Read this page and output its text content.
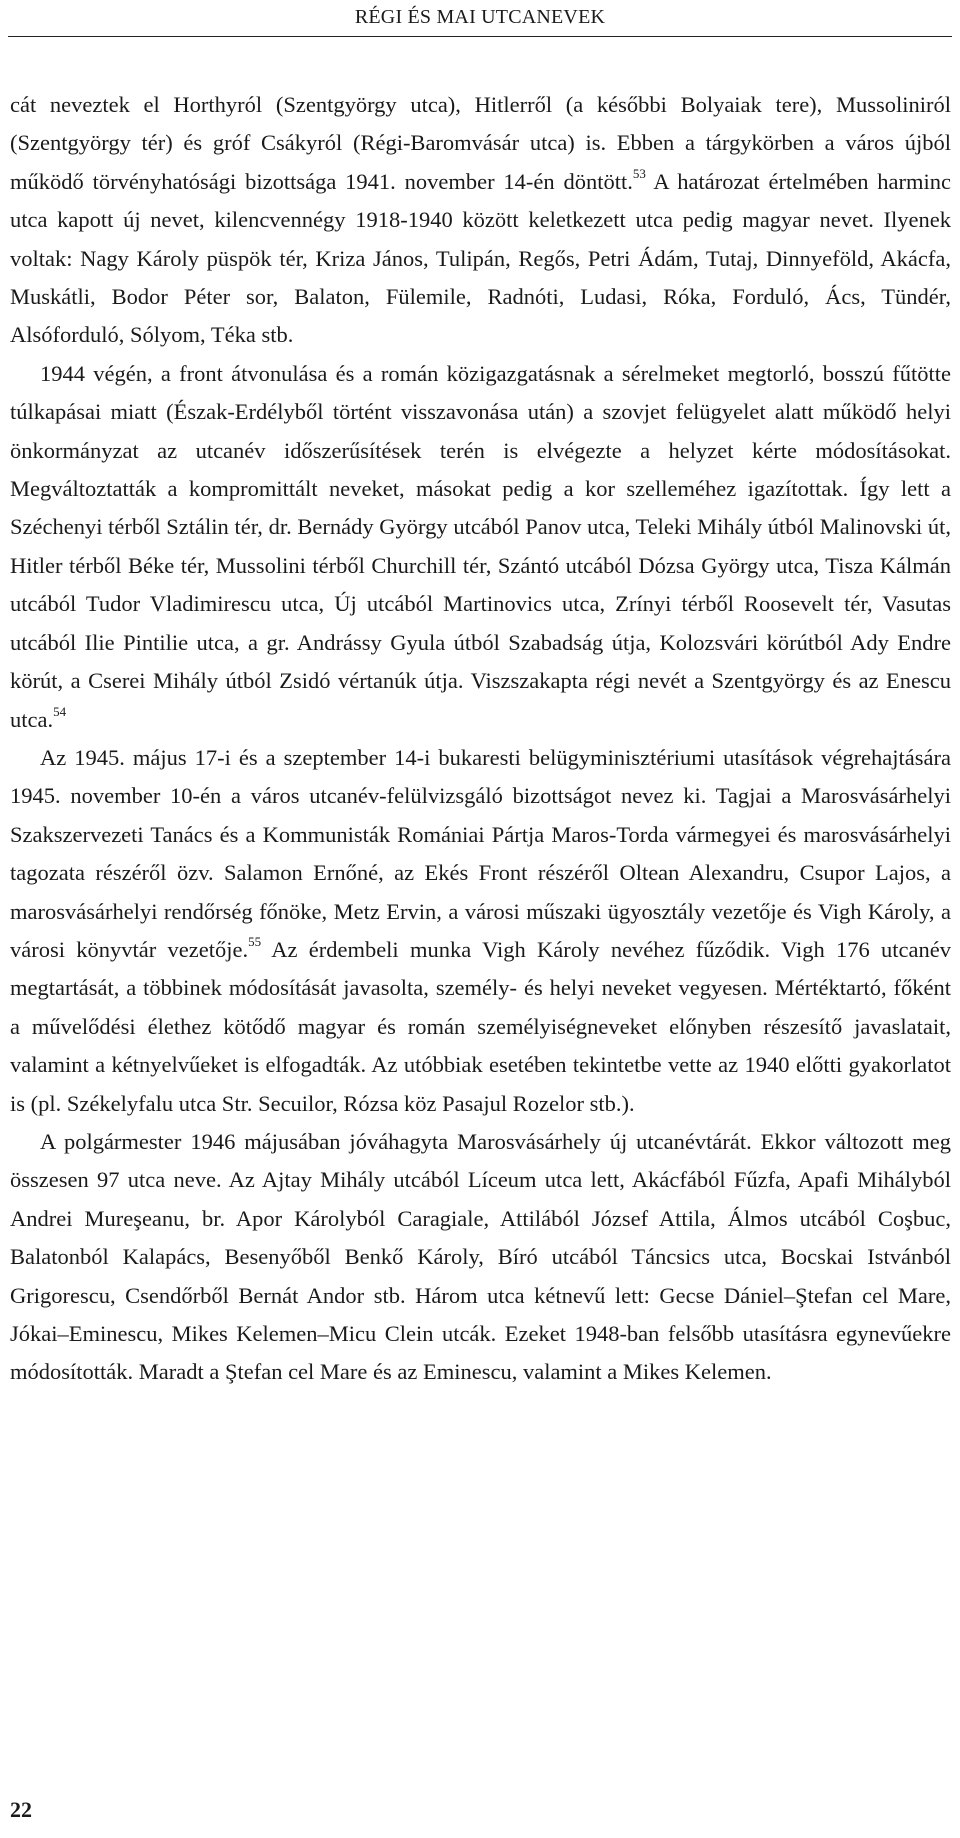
RÉGI ÉS MAI UTCANEVEK

cát neveztek el Horthyról (Szentgyörgy utca), Hitlerről (a későbbi Bolyaiak tere), Mussoliniról (Szentgyörgy tér) és gróf Csákyról (Régi-Baromvásár utca) is. Ebben a tárgykörben a város újból működő törvényhatósági bizottsága 1941. november 14-én döntött.$^{53}$ A határozat értelmében harminc utca kapott új nevet, kilencvennégy 1918-1940 között keletkezett utca pedig magyar nevet. Ilyenek voltak: Nagy Károly püspök tér, Kriza János, Tulipán, Regős, Petri Ádám, Tutaj, Dinnyeföld, Akácfa, Muskátli, Bodor Péter sor, Balaton, Fülemile, Radnóti, Ludasi, Róka, Forduló, Ács, Tündér, Alsóforduló, Sólyom, Téka stb.

1944 végén, a front átvonulása és a román közigazgatásnak a sérelmeket megtorló, bosszú fűtötte túlkapásai miatt (Észak-Erdélyből történt visszavonása után) a szovjet felügyelet alatt működő helyi önkormányzat az utcanév időszerűsítések terén is elvégezte a helyzet kérte módosításokat. Megváltoztatták a kompromittált neveket, másokat pedig a kor szelleméhez igazítottak. Így lett a Széchenyi térből Sztálin tér, dr. Bernády György utcából Panov utca, Teleki Mihály útból Malinovski út, Hitler térből Béke tér, Mussolini térből Churchill tér, Szántó utcából Dózsa György utca, Tisza Kálmán utcából Tudor Vladimirescu utca, Új utcából Martinovics utca, Zrínyi térből Roosevelt tér, Vasutas utcából Ilie Pintilie utca, a gr. Andrássy Gyula útból Szabadság útja, Kolozsvári körútból Ady Endre körút, a Cserei Mihály útból Zsidó vértanúk útja. Viszszakapta régi nevét a Szentgyörgy és az Enescu utca.$^{54}$

Az 1945. május 17-i és a szeptember 14-i bukaresti belügyminisztériumi utasítások végrehajtására 1945. november 10-én a város utcanév-felülvizsgáló bizottságot nevez ki. Tagjai a Marosvásárhelyi Szakszervezeti Tanács és a Kommunisták Romániai Pártja Maros-Torda vármegyei és marosvásárhelyi tagozata részéről özv. Salamon Ernőné, az Ekés Front részéről Oltean Alexandru, Csupor Lajos, a marosvásárhelyi rendőrség főnöke, Metz Ervin, a városi műszaki ügyosztály vezetője és Vigh Károly, a városi könyvtár vezetője.$^{55}$ Az érdembeli munka Vigh Károly nevéhez fűződik. Vigh 176 utcanév megtartását, a többinek módosítását javasolta, személy- és helyi neveket vegyesen. Mértéktartó, főként a művelődési élethez kötődő magyar és román személyiségneveket előnyben részesítő javaslatait, valamint a kétnyelvűeket is elfogadták. Az utóbbiak esetében tekintetbe vette az 1940 előtti gyakorlatot is (pl. Székelyfalu utca Str. Secuilor, Rózsa köz Pasajul Rozelor stb.).

A polgármester 1946 májusában jóváhagyta Marosvásárhely új utcanévtárát. Ekkor változott meg összesen 97 utca neve. Az Ajtay Mihály utcából Líceum utca lett, Akácfából Fűzfa, Apafi Mihályból Andrei Mureşeanu, br. Apor Károlyból Caragiale, Attilából József Attila, Álmos utcából Coşbuc, Balatonból Kalapács, Besenyőből Benkő Károly, Bíró utcából Táncsics utca, Bocskai Istvánból Grigorescu, Csendőrből Bernát Andor stb. Három utca kétnevű lett: Gecse Dániel–Ştefan cel Mare, Jókai–Eminescu, Mikes Kelemen–Micu Clein utcák. Ezeket 1948-ban felsőbb utasításra egynevűekre módosították. Maradt a Ştefan cel Mare és az Eminescu, valamint a Mikes Kelemen.

22
